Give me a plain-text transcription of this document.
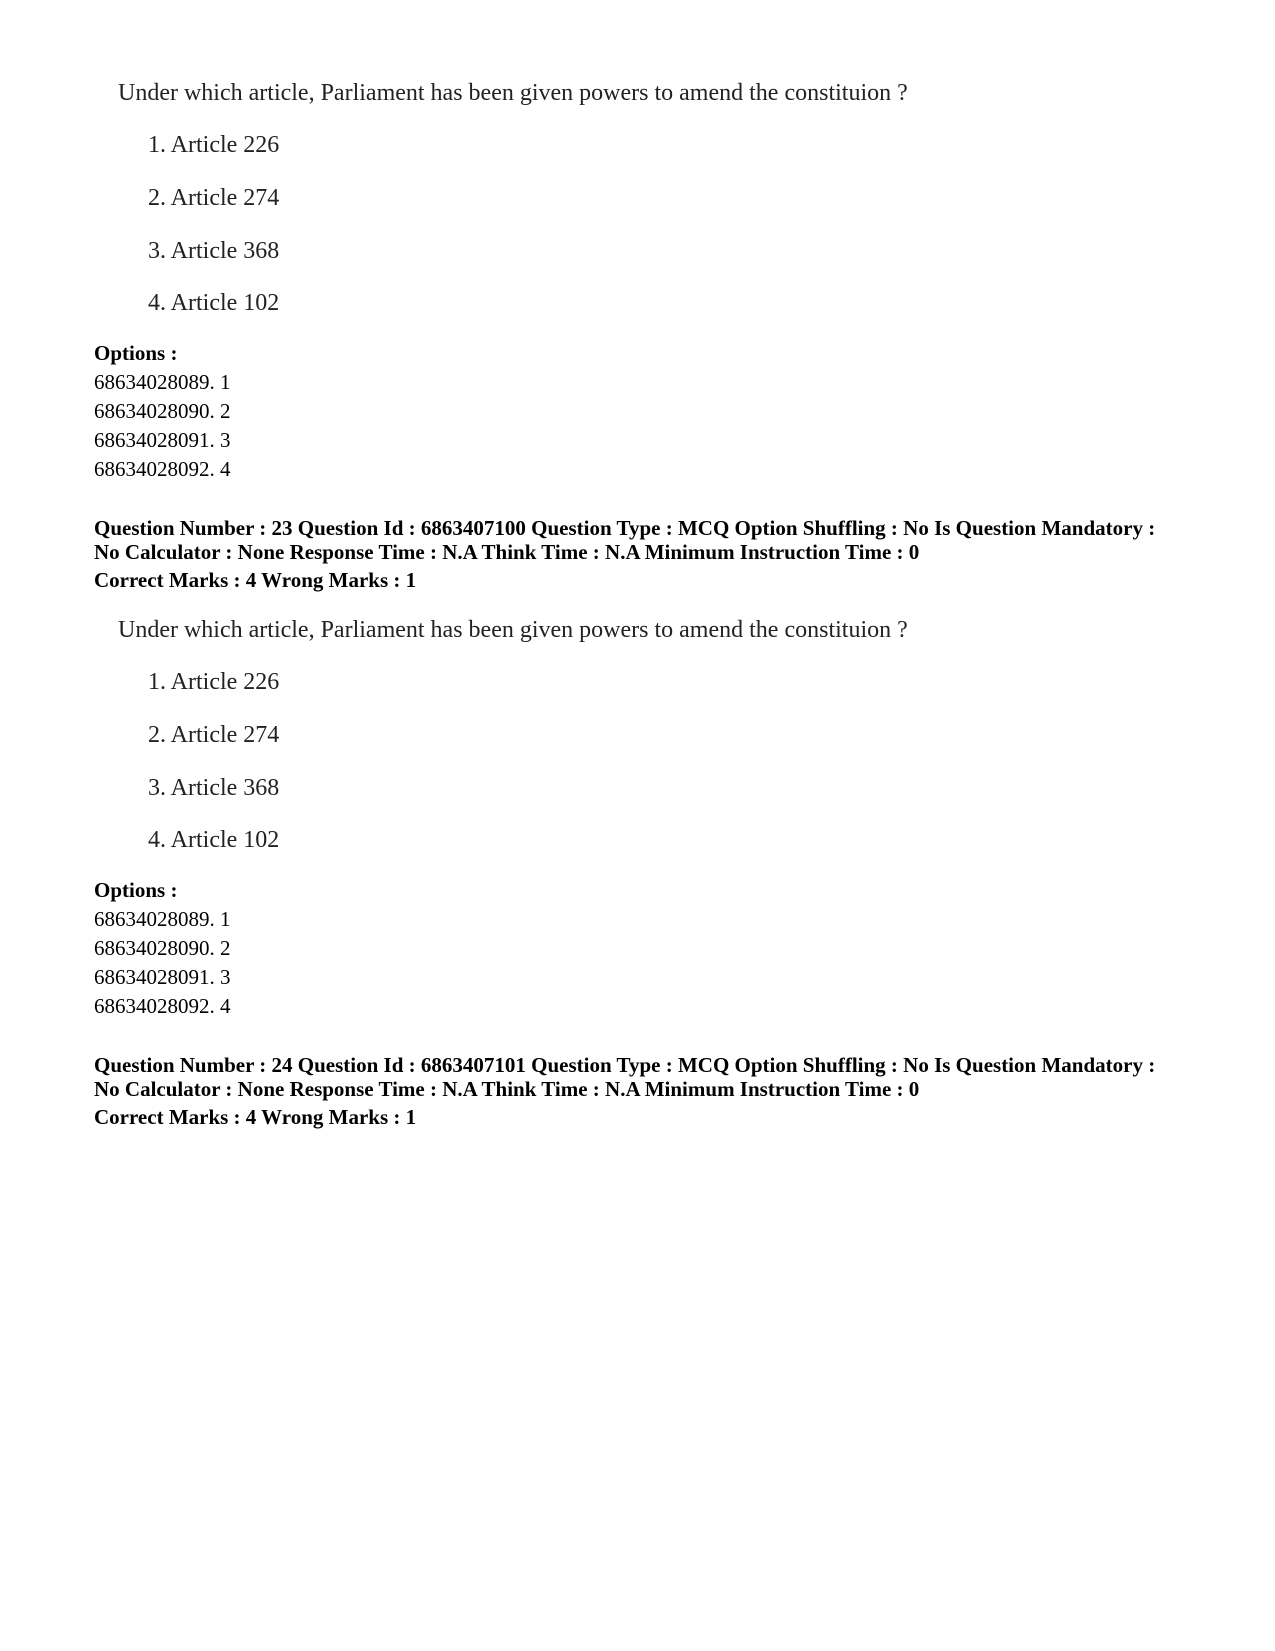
Under which article, Parliament has been given powers to amend the constituion ?
1. Article 226
2. Article 274
3. Article 368
4. Article 102
Options :
68634028089. 1
68634028090. 2
68634028091. 3
68634028092. 4
Question Number : 23 Question Id : 6863407100 Question Type : MCQ Option Shuffling : No Is Question Mandatory :
No Calculator : None Response Time : N.A Think Time : N.A Minimum Instruction Time : 0
Correct Marks : 4 Wrong Marks : 1
Under which article, Parliament has been given powers to amend the constituion ?
1. Article 226
2. Article 274
3. Article 368
4. Article 102
Options :
68634028089. 1
68634028090. 2
68634028091. 3
68634028092. 4
Question Number : 24 Question Id : 6863407101 Question Type : MCQ Option Shuffling : No Is Question Mandatory :
No Calculator : None Response Time : N.A Think Time : N.A Minimum Instruction Time : 0
Correct Marks : 4 Wrong Marks : 1
